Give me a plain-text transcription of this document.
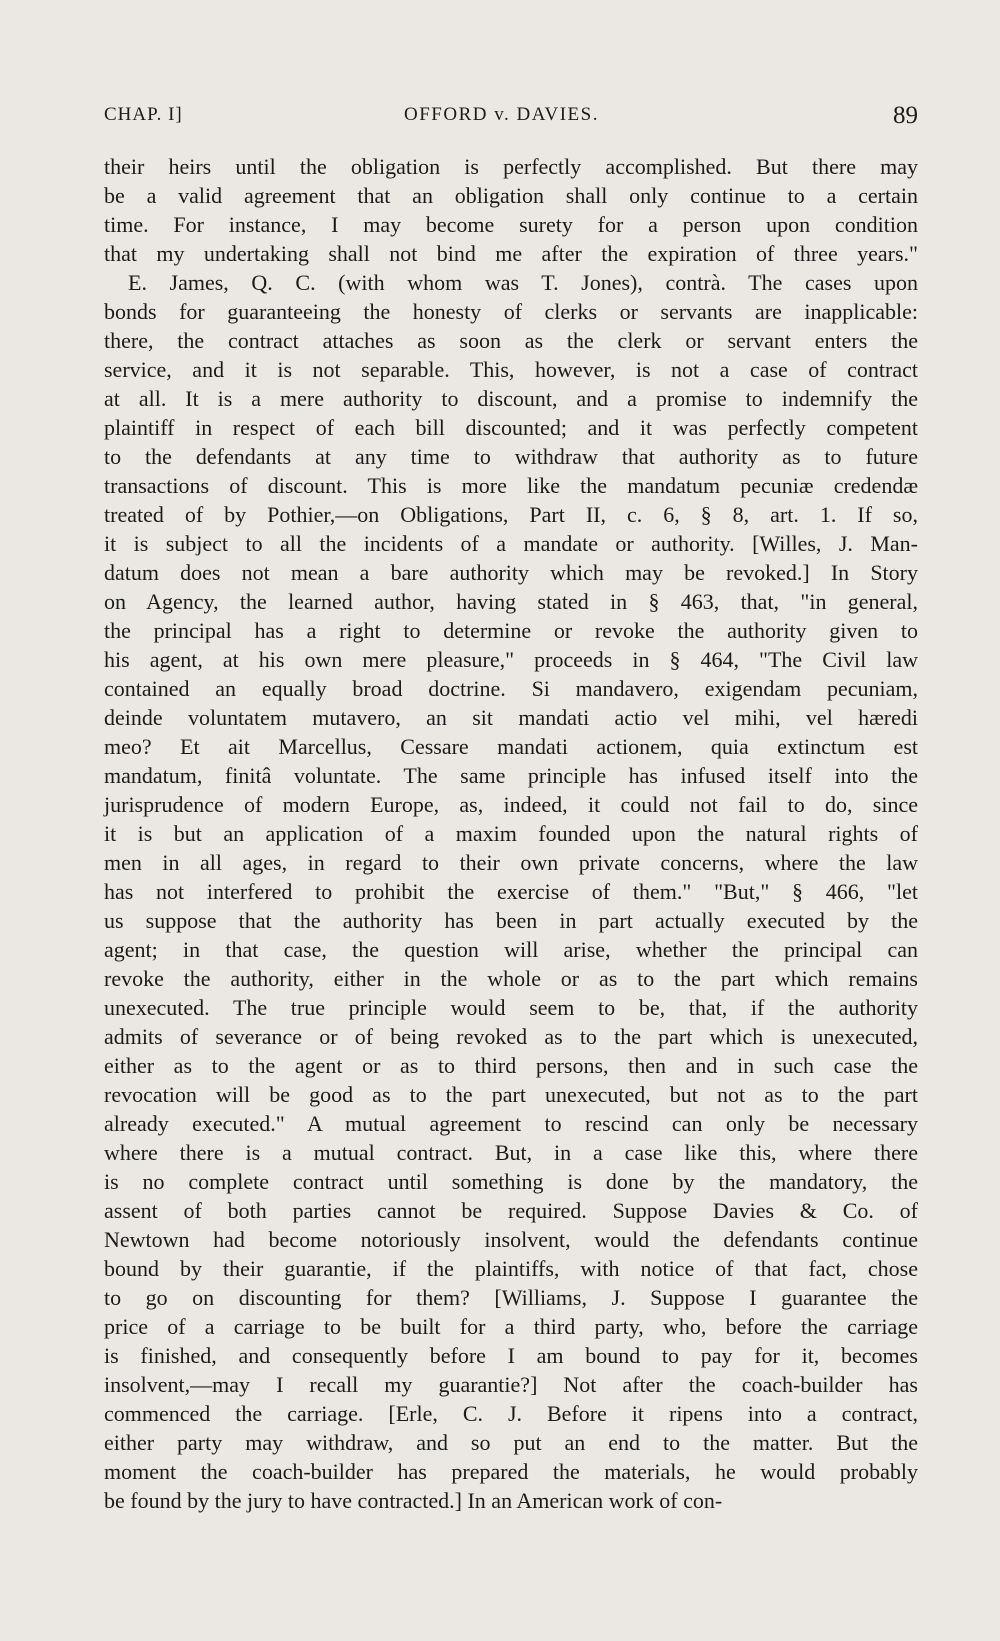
CHAP. I]	OFFORD v. DAVIES.	89
their heirs until the obligation is perfectly accomplished. But there may
be a valid agreement that an obligation shall only continue to a certain
time. For instance, I may become surety for a person upon condition
that my undertaking shall not bind me after the expiration of three years."
E. James, Q. C. (with whom was T. Jones), contrà. The cases upon
bonds for guaranteeing the honesty of clerks or servants are inapplicable:
there, the contract attaches as soon as the clerk or servant enters the
service, and it is not separable. This, however, is not a case of contract
at all. It is a mere authority to discount, and a promise to indemnify the
plaintiff in respect of each bill discounted; and it was perfectly competent
to the defendants at any time to withdraw that authority as to future
transactions of discount. This is more like the mandatum pecuniæ credendæ
treated of by Pothier,—on Obligations, Part II, c. 6, § 8, art. 1. If so,
it is subject to all the incidents of a mandate or authority. [Willes, J. Man-
datum does not mean a bare authority which may be revoked.] In Story
on Agency, the learned author, having stated in § 463, that, "in general,
the principal has a right to determine or revoke the authority given to
his agent, at his own mere pleasure," proceeds in § 464, "The Civil law
contained an equally broad doctrine. Si mandavero, exigendam pecuniam,
deinde voluntatem mutavero, an sit mandati actio vel mihi, vel hæredi
meo? Et ait Marcellus, Cessare mandati actionem, quia extinctum est
mandatum, finitâ voluntate. The same principle has infused itself into the
jurisprudence of modern Europe, as, indeed, it could not fail to do, since
it is but an application of a maxim founded upon the natural rights of
men in all ages, in regard to their own private concerns, where the law
has not interfered to prohibit the exercise of them." "But," § 466, "let
us suppose that the authority has been in part actually executed by the
agent; in that case, the question will arise, whether the principal can
revoke the authority, either in the whole or as to the part which remains
unexecuted. The true principle would seem to be, that, if the authority
admits of severance or of being revoked as to the part which is unexecuted,
either as to the agent or as to third persons, then and in such case the
revocation will be good as to the part unexecuted, but not as to the part
already executed." A mutual agreement to rescind can only be necessary
where there is a mutual contract. But, in a case like this, where there
is no complete contract until something is done by the mandatory, the
assent of both parties cannot be required. Suppose Davies & Co. of
Newtown had become notoriously insolvent, would the defendants continue
bound by their guarantie, if the plaintiffs, with notice of that fact, chose
to go on discounting for them? [Williams, J. Suppose I guarantee the
price of a carriage to be built for a third party, who, before the carriage
is finished, and consequently before I am bound to pay for it, becomes
insolvent,—may I recall my guarantie?] Not after the coach-builder has
commenced the carriage. [Erle, C. J. Before it ripens into a contract,
either party may withdraw, and so put an end to the matter. But the
moment the coach-builder has prepared the materials, he would probably
be found by the jury to have contracted.] In an American work of con-
